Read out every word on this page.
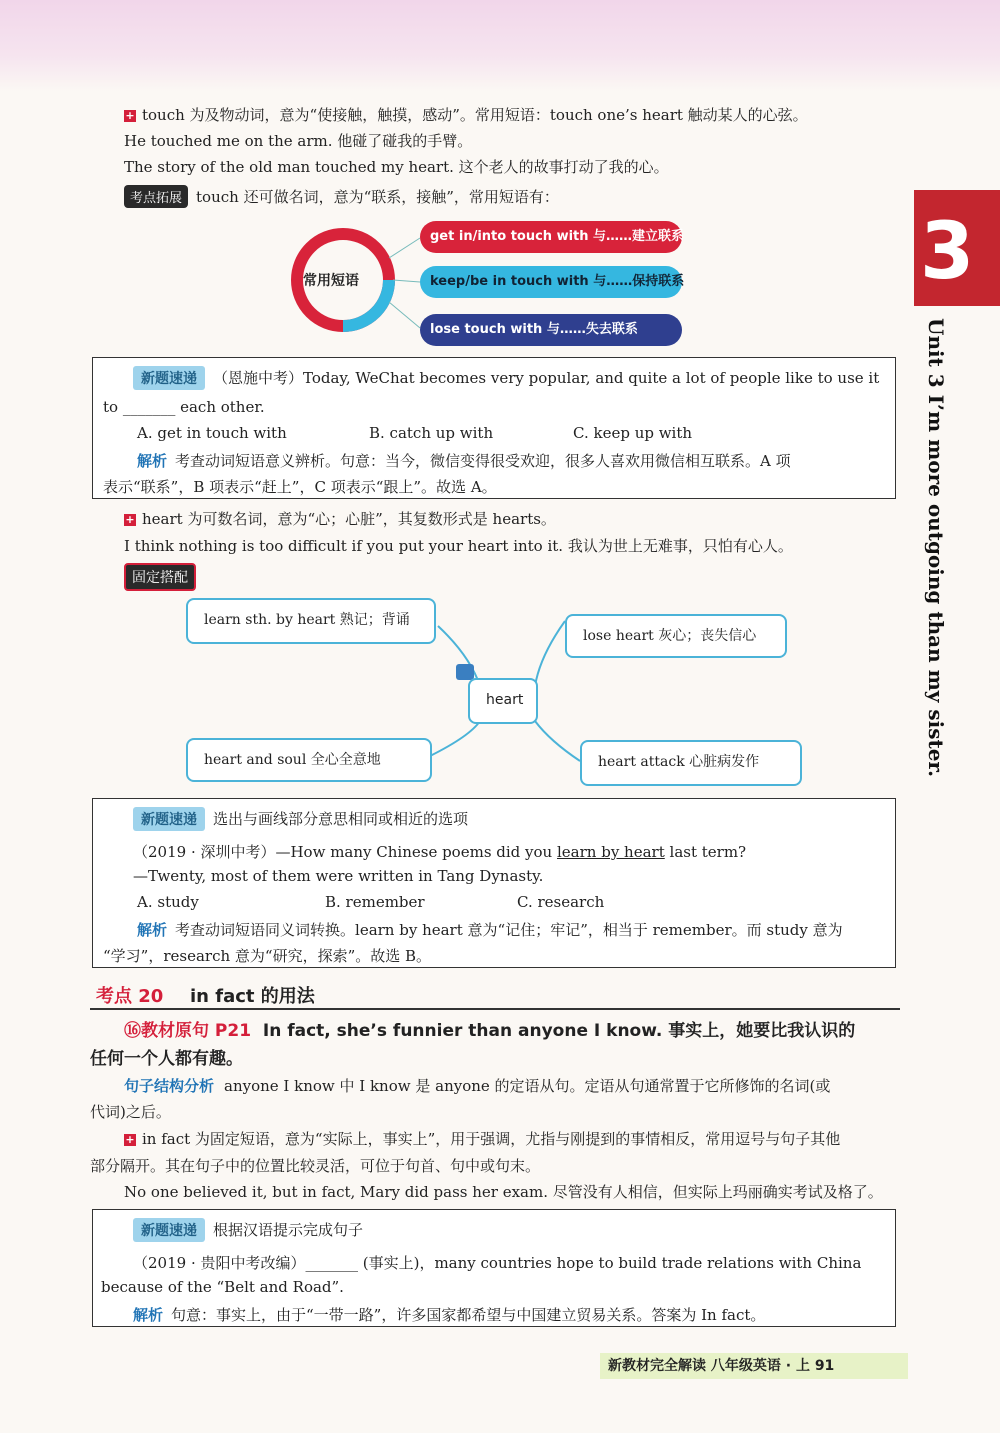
+ touch 为及物动词，意为“使接触，触摸，感动”。常用短语：touch one’s heart 触动某人的心弦。
He touched me on the arm. 他碰了碰我的手臂。
The story of the old man touched my heart. 这个老人的故事打动了我的心。
考点拓展 touch 还可做名词，意为“联系，接触”，常用短语有：
常用短语
get in/into touch with 与……建立联系
keep/be in touch with 与……保持联系
lose touch with 与……失去联系
新题速递 （恩施中考）Today, WeChat becomes very popular, and quite a lot of people like to use it
to _______ each other.
A. get in touch with	B. catch up with	C. keep up with
解析 考查动词短语意义辨析。句意：当今，微信变得很受欢迎，很多人喜欢用微信相互联系。A 项
表示“联系”，B 项表示“赶上”，C 项表示“跟上”。故选 A。
+ heart 为可数名词，意为“心；心脏”，其复数形式是 hearts。
I think nothing is too difficult if you put your heart into it. 我认为世上无难事，只怕有心人。
固定搭配
learn sth. by heart 熟记；背诵
lose heart 灰心；丧失信心
heart and soul 全心全意地	heart attack 心脏病发作
heart
新题速递 选出与画线部分意思相同或相近的选项
（2019 · 深圳中考）—How many Chinese poems did you learn by heart last term?
—Twenty, most of them were written in Tang Dynasty.
A. study	B. remember	C. research
解析 考查动词短语同义词转换。learn by heart 意为“记住；牢记”，相当于 remember。而 study 意为
“学习”，research 意为“研究，探索”。故选 B。
考点 20 in fact 的用法
⑯教材原句 P21 In fact, she’s funnier than anyone I know. 事实上，她要比我认识的
任何一个人都有趣。
句子结构分析 anyone I know 中 I know 是 anyone 的定语从句。定语从句通常置于它所修饰的名词(或
代词)之后。
+ in fact 为固定短语，意为“实际上，事实上”，用于强调，尤指与刚提到的事情相反，常用逗号与句子其他
部分隔开。其在句子中的位置比较灵活，可位于句首、句中或句末。
No one believed it, but in fact, Mary did pass her exam. 尽管没有人相信，但实际上玛丽确实考试及格了。
新题速递 根据汉语提示完成句子
（2019 · 贵阳中考改编）_______ (事实上)，many countries hope to build trade relations with China
because of the “Belt and Road”.
解析 句意：事实上，由于“一带一路”，许多国家都希望与中国建立贸易关系。答案为 In fact。
3
Unit 3 I’m more outgoing than my sister.
新教材完全解读 八年级英语 · 上 91
